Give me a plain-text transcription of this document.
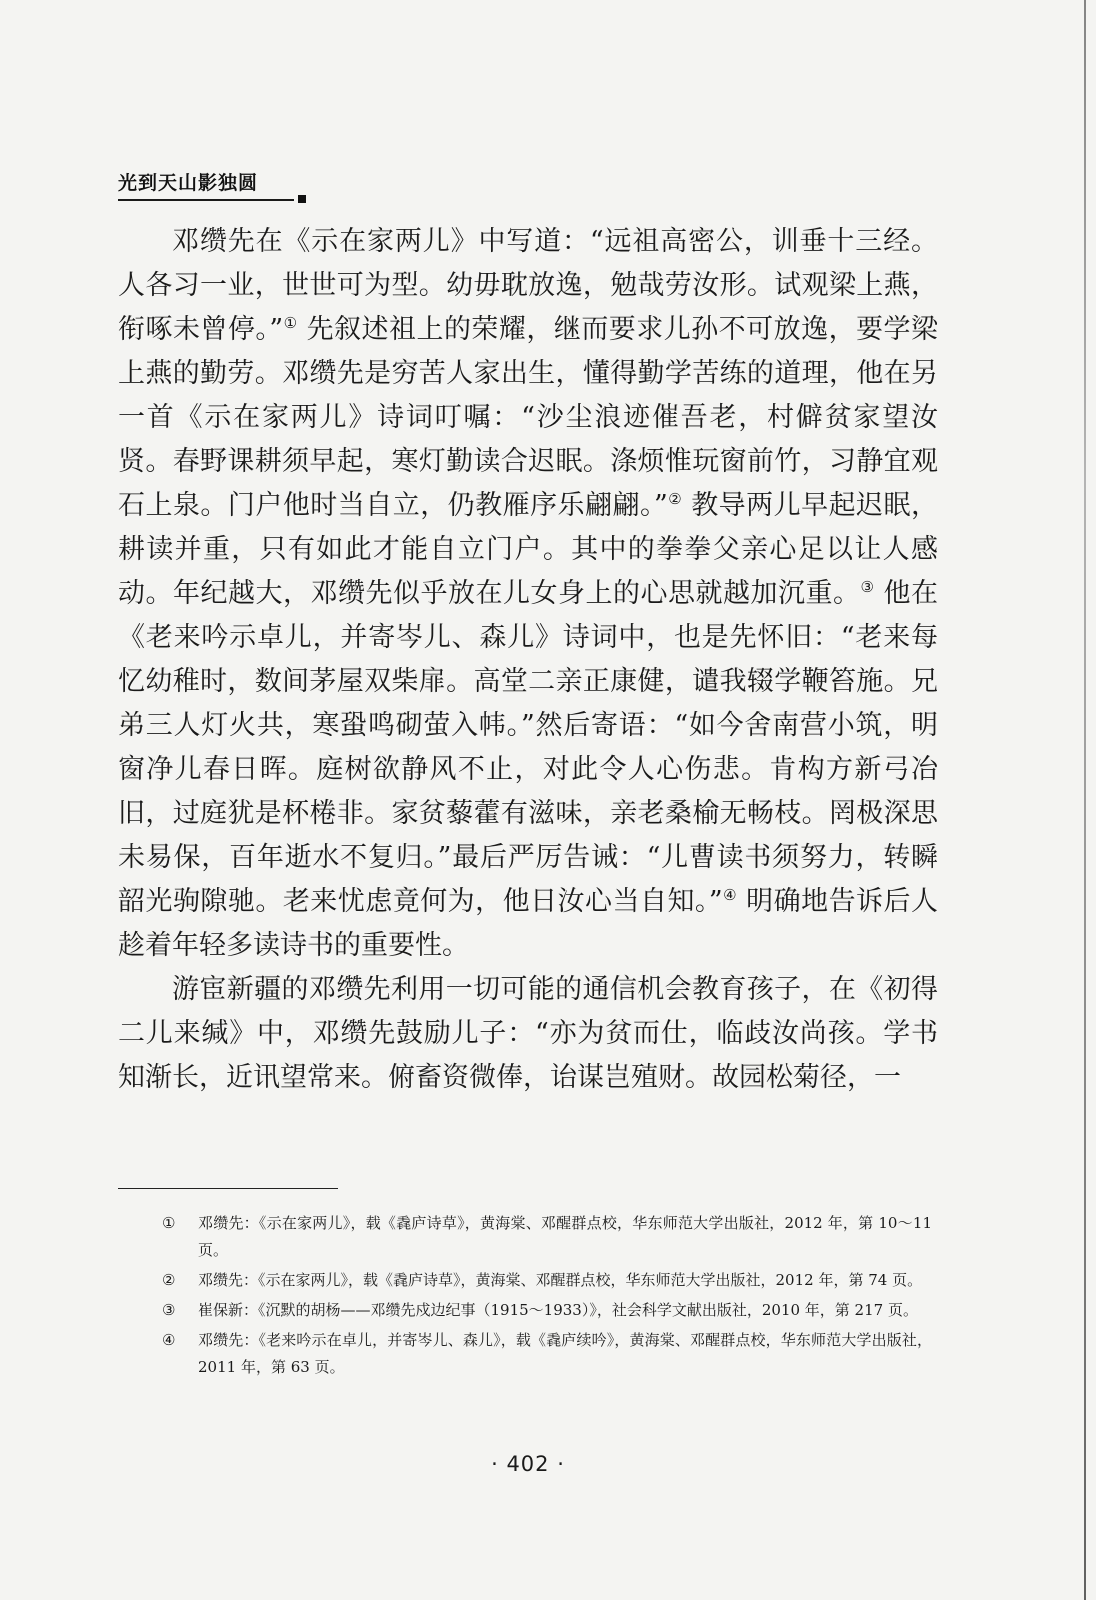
光到天山影独圆

邓缵先在《示在家两儿》中写道：“远祖高密公，训垂十三经。人各习一业，世世可为型。幼毋耽放逸，勉哉劳汝形。试观梁上燕，衔啄未曾停。”① 先叙述祖上的荣耀，继而要求儿孙不可放逸，要学梁上燕的勤劳。邓缵先是穷苦人家出生，懂得勤学苦练的道理，他在另一首《示在家两儿》诗词叮嘱：“沙尘浪迹催吾老，村僻贫家望汝贤。春野课耕须早起，寒灯勤读合迟眠。涤烦惟玩窗前竹，习静宜观石上泉。门户他时当自立，仍教雁序乐翩翩。”② 教导两儿早起迟眠，耕读并重，只有如此才能自立门户。其中的拳拳父亲心足以让人感动。年纪越大，邓缵先似乎放在儿女身上的心思就越加沉重。③ 他在《老来吟示卓儿，并寄岑儿、森儿》诗词中，也是先怀旧：“老来每忆幼稚时，数间茅屋双柴扉。高堂二亲正康健，谴我辍学鞭笞施。兄弟三人灯火共，寒蛩鸣砌萤入帏。”然后寄语：“如今舍南营小筑，明窗净儿春日晖。庭树欲静风不止，对此令人心伤悲。肯构方新弓冶旧，过庭犹是杯棬非。家贫藜藿有滋味，亲老桑榆无畅枝。罔极深思未易保，百年逝水不复归。”最后严厉告诫：“儿曹读书须努力，转瞬韶光驹隙驰。老来忧虑竟何为，他日汝心当自知。”④ 明确地告诉后人趁着年轻多读诗书的重要性。

游宦新疆的邓缵先利用一切可能的通信机会教育孩子，在《初得二儿来缄》中，邓缵先鼓励儿子：“亦为贫而仕，临歧汝尚孩。学书知渐长，近讯望常来。俯畜资微俸，诒谋岂殖财。故园松菊径，一

① 邓缵先：《示在家两儿》，载《毳庐诗草》，黄海棠、邓醒群点校，华东师范大学出版社，2012 年，第 10～11 页。
② 邓缵先：《示在家两儿》，载《毳庐诗草》，黄海棠、邓醒群点校，华东师范大学出版社，2012 年，第 74 页。
③ 崔保新：《沉默的胡杨——邓缵先戍边纪事（1915～1933）》，社会科学文献出版社，2010 年，第 217 页。
④ 邓缵先：《老来吟示在卓儿，并寄岑儿、森儿》，载《毳庐续吟》，黄海棠、邓醒群点校，华东师范大学出版社，2011 年，第 63 页。
· 402 ·
